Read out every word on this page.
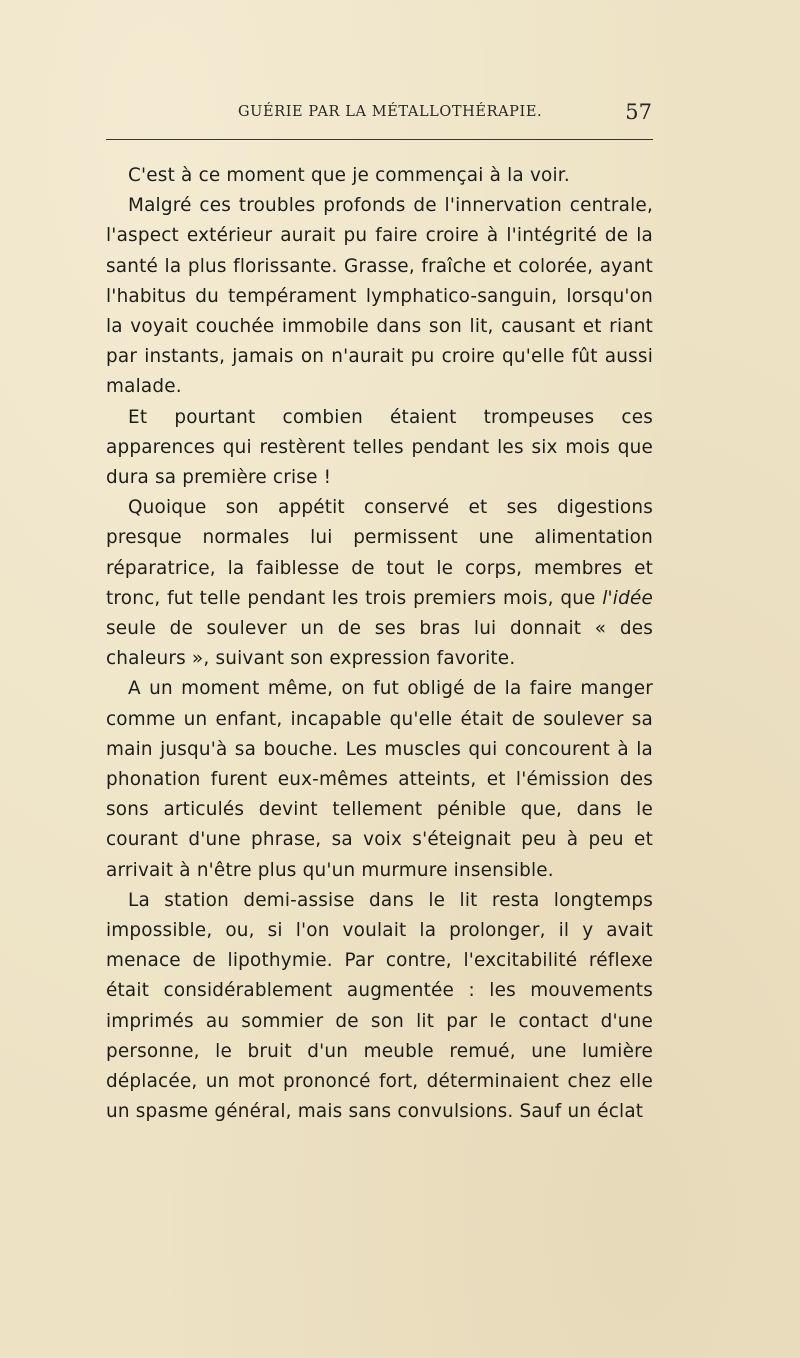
GUÉRIE PAR LA MÉTALLOTHÉRAPIE.	57

C'est à ce moment que je commençai à la voir.

Malgré ces troubles profonds de l'innervation centrale, l'aspect extérieur aurait pu faire croire à l'intégrité de la santé la plus florissante. Grasse, fraîche et colorée, ayant l'habitus du tempérament lymphatico-sanguin, lorsqu'on la voyait couchée immobile dans son lit, causant et riant par instants, jamais on n'aurait pu croire qu'elle fût aussi malade.

Et pourtant combien étaient trompeuses ces apparences qui restèrent telles pendant les six mois que dura sa première crise !

Quoique son appétit conservé et ses digestions presque normales lui permissent une alimentation réparatrice, la faiblesse de tout le corps, membres et tronc, fut telle pendant les trois premiers mois, que l'idée seule de soulever un de ses bras lui donnait « des chaleurs », suivant son expression favorite.

A un moment même, on fut obligé de la faire manger comme un enfant, incapable qu'elle était de soulever sa main jusqu'à sa bouche. Les muscles qui concourent à la phonation furent eux-mêmes atteints, et l'émission des sons articulés devint tellement pénible que, dans le courant d'une phrase, sa voix s'éteignait peu à peu et arrivait à n'être plus qu'un murmure insensible.

La station demi-assise dans le lit resta longtemps impossible, ou, si l'on voulait la prolonger, il y avait menace de lipothymie. Par contre, l'excitabilité réflexe était considérablement augmentée : les mouvements imprimés au sommier de son lit par le contact d'une personne, le bruit d'un meuble remué, une lumière déplacée, un mot prononcé fort, déterminaient chez elle un spasme général, mais sans convulsions. Sauf un éclat
